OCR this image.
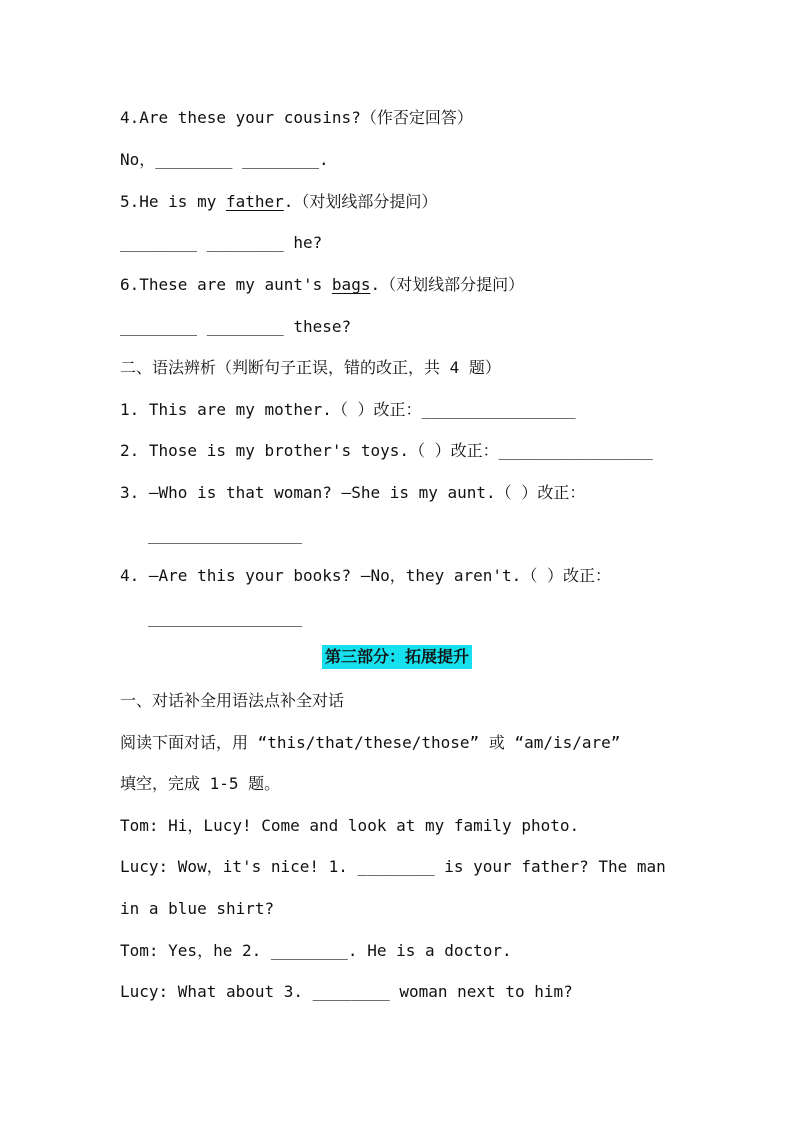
4.Are these your cousins?（作否定回答）
No，________ ________.
5.He is my father.（对划线部分提问）
________ ________ he?
6.These are my aunt's bags.（对划线部分提问）
________ ________ these?
二、语法辨析（判断句子正误，错的改正，共 4 题）
1. This are my mother.（ ）改正：________________
2. Those is my brother's toys.（ ）改正：________________
3. —Who is that woman? —She is my aunt.（ ）改正：
________________
4. —Are this your books? —No，they aren't.（ ）改正：
________________
第三部分：拓展提升
一、对话补全用语法点补全对话
阅读下面对话，用 “this/that/these/those” 或 “am/is/are”
填空，完成 1-5 题。
Tom: Hi，Lucy! Come and look at my family photo.
Lucy: Wow，it's nice! 1. ________ is your father? The man
in a blue shirt?
Tom: Yes，he 2. ________. He is a doctor.
Lucy: What about 3. ________ woman next to him?
